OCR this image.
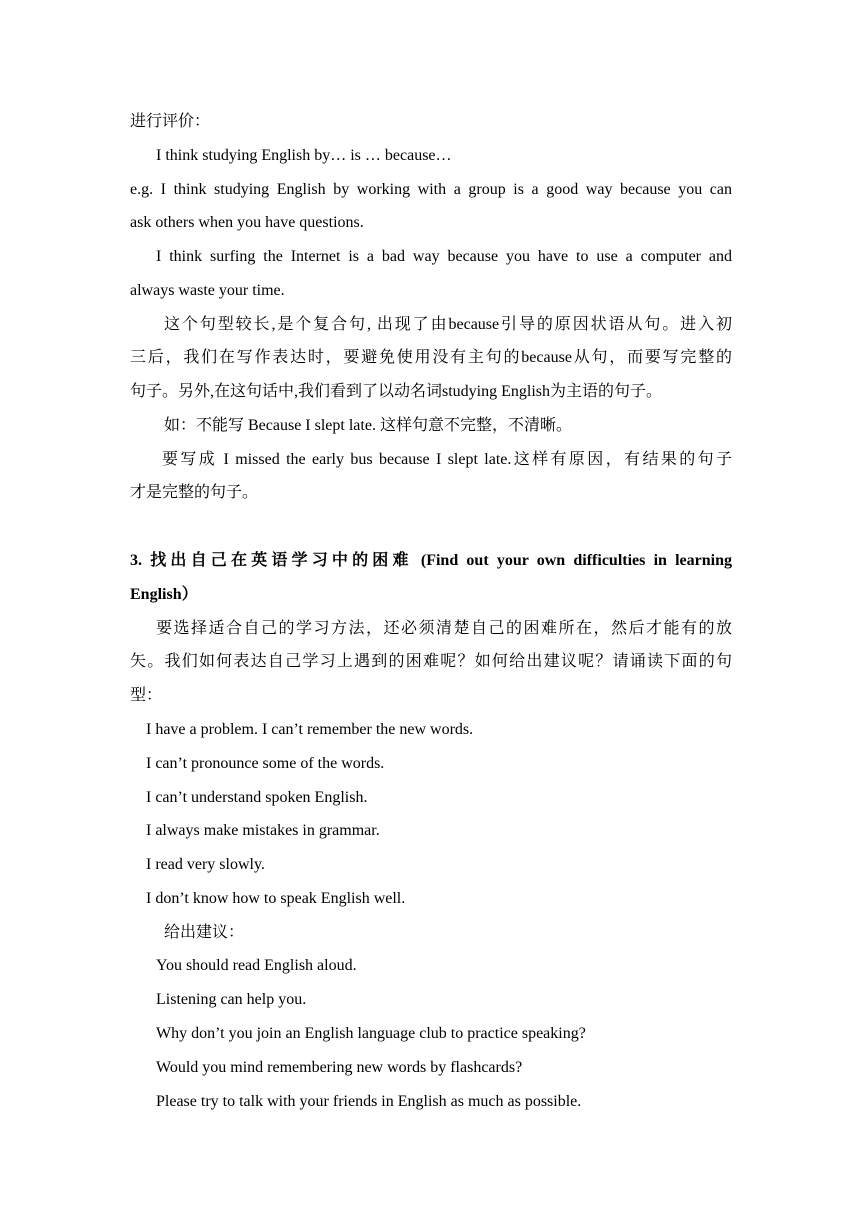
进行评价：

I think studying English by… is … because…

e.g. I think studying English by working with a group is a good way because you can

ask others when you have questions.

I think surfing the Internet is a bad way because you have to use a computer and

always waste your time.

这个句型较长,是个复合句, 出现了由because引导的原因状语从句。进入初

三后，我们在写作表达时，要避免使用没有主句的because从句，而要写完整的

句子。另外,在这句话中,我们看到了以动名词studying English为主语的句子。

如：不能写 Because I slept late. 这样句意不完整，不清晰。

要写成 I missed the early bus because I slept late.这样有原因，有结果的句子

才是完整的句子。

3. 找出自己在英语学习中的困难 (Find out your own difficulties in learning

English）

要选择适合自己的学习方法，还必须清楚自己的困难所在，然后才能有的放

矢。我们如何表达自己学习上遇到的困难呢？如何给出建议呢？请诵读下面的句

型：

I have a problem. I can’t remember the new words.

I can’t pronounce some of the words.

I can’t understand spoken English.

I always make mistakes in grammar.

I read very slowly.

I don’t know how to speak English well.

给出建议：

You should read English aloud.

Listening can help you.

Why don’t you join an English language club to practice speaking?

Would you mind remembering new words by flashcards?

Please try to talk with your friends in English as much as possible.
